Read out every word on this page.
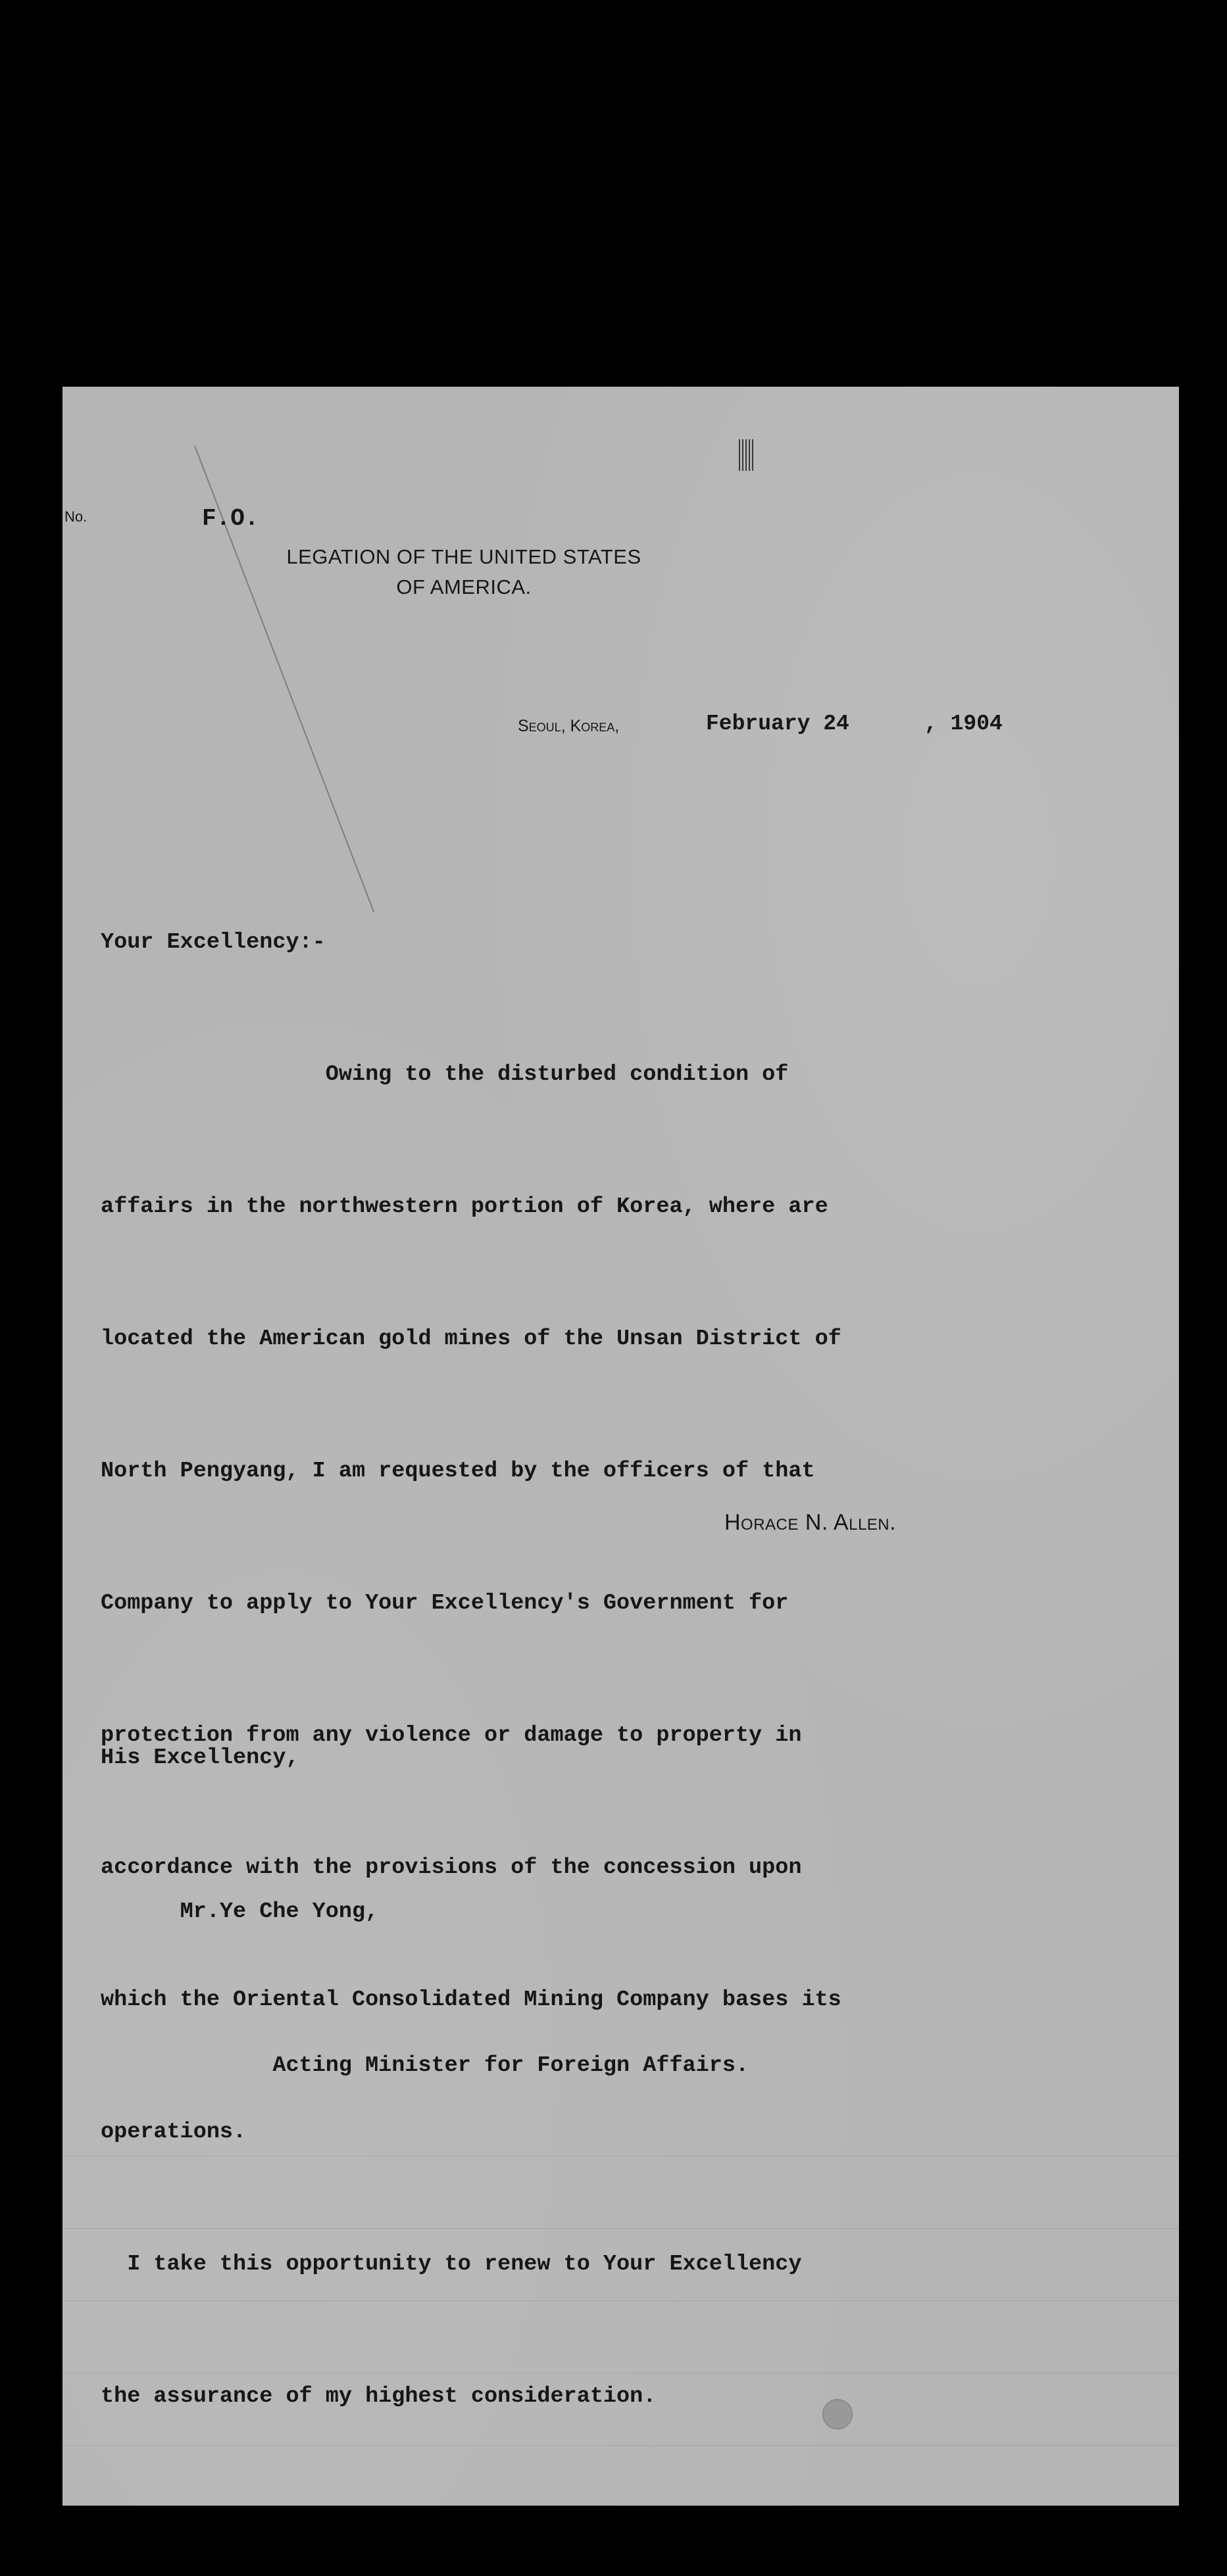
No.	F.O.
LEGATION OF THE UNITED STATES
OF AMERICA.
Seoul, Korea,	February 24	, 1904

Your Excellency:-

Owing to the disturbed condition of

affairs in the northwestern portion of Korea, where are

located the American gold mines of the Unsan District of

North Pengyang, I am requested by the officers of that

Company to apply to Your Excellency's Government for

protection from any violence or damage to property in

accordance with the provisions of the concession upon

which the Oriental Consolidated Mining Company bases its

operations.

I take this opportunity to renew to Your Excellency

the assurance of my highest consideration.

Horace N. Allen.

His Excellency,

Mr.Ye Che Yong,

Acting Minister for Foreign Affairs.
